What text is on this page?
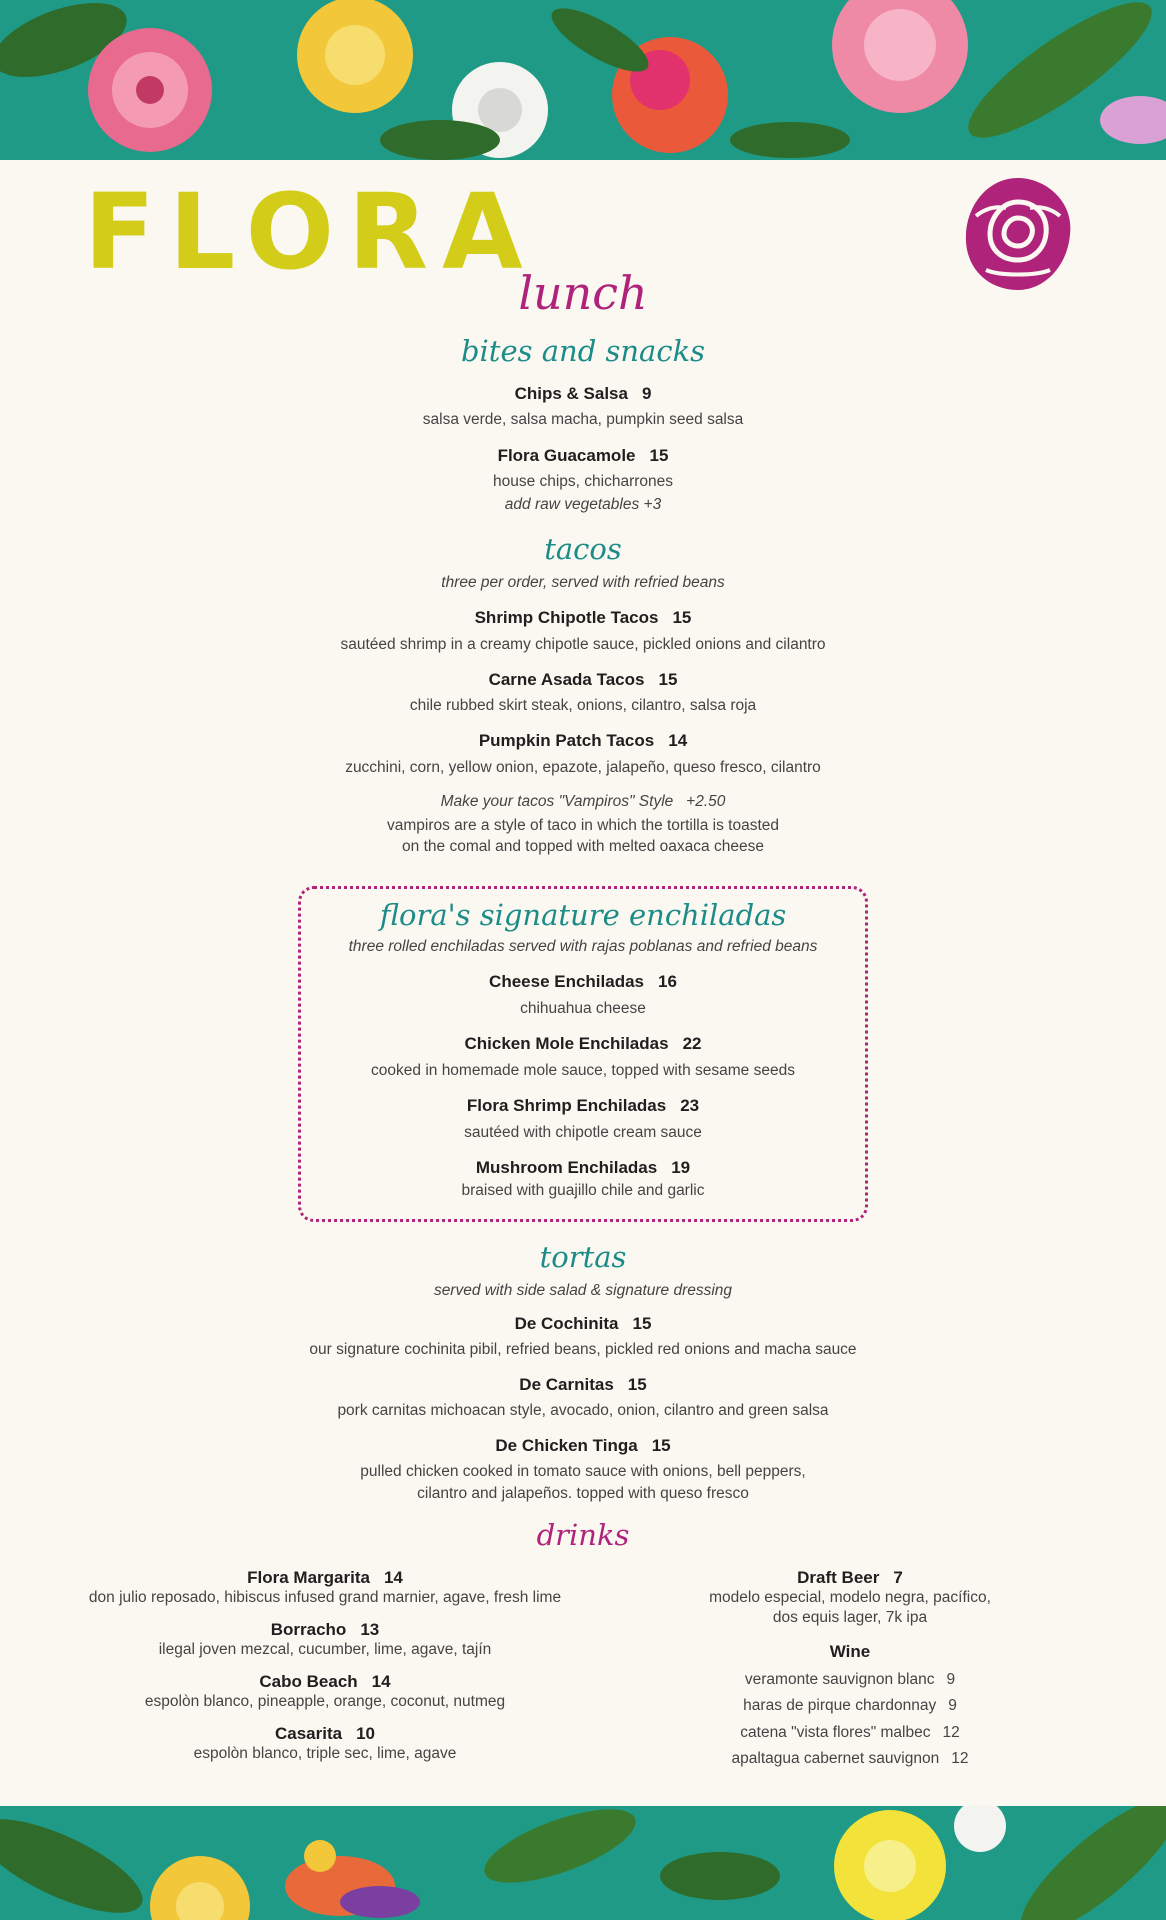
FLORA
lunch
bites and snacks
Chips & Salsa 9
salsa verde, salsa macha, pumpkin seed salsa
Flora Guacamole 15
house chips, chicharrones
add raw vegetables +3
tacos
three per order, served with refried beans
Shrimp Chipotle Tacos 15
sautéed shrimp in a creamy chipotle sauce, pickled onions and cilantro
Carne Asada Tacos 15
chile rubbed skirt steak, onions, cilantro, salsa roja
Pumpkin Patch Tacos 14
zucchini, corn, yellow onion, epazote, jalapeño, queso fresco, cilantro
Make your tacos "Vampiros" Style   +2.50
vampiros are a style of taco in which the tortilla is toasted
on the comal and topped with melted oaxaca cheese
flora's signature enchiladas
three rolled enchiladas served with rajas poblanas and refried beans
Cheese Enchiladas 16
chihuahua cheese
Chicken Mole Enchiladas 22
cooked in homemade mole sauce, topped with sesame seeds
Flora Shrimp Enchiladas 23
sautéed with chipotle cream sauce
Mushroom Enchiladas 19
braised with guajillo chile and garlic
tortas
served with side salad & signature dressing
De Cochinita 15
our signature cochinita pibil, refried beans, pickled red onions and macha sauce
De Carnitas 15
pork carnitas michoacan style, avocado, onion, cilantro and green salsa
De Chicken Tinga 15
pulled chicken cooked in tomato sauce with onions, bell peppers,
cilantro and jalapeños. topped with queso fresco
drinks
Flora Margarita 14
don julio reposado, hibiscus infused grand marnier, agave, fresh lime
Borracho 13
ilegal joven mezcal, cucumber, lime, agave, tajín
Cabo Beach 14
espolòn blanco, pineapple, orange, coconut, nutmeg
Casarita 10
espolòn blanco, triple sec, lime, agave
Draft Beer 7
modelo especial, modelo negra, pacífico,
dos equis lager, 7k ipa
Wine
veramonte sauvignon blanc 9
haras de pirque chardonnay 9
catena "vista flores" malbec 12
apaltagua cabernet sauvignon 12
